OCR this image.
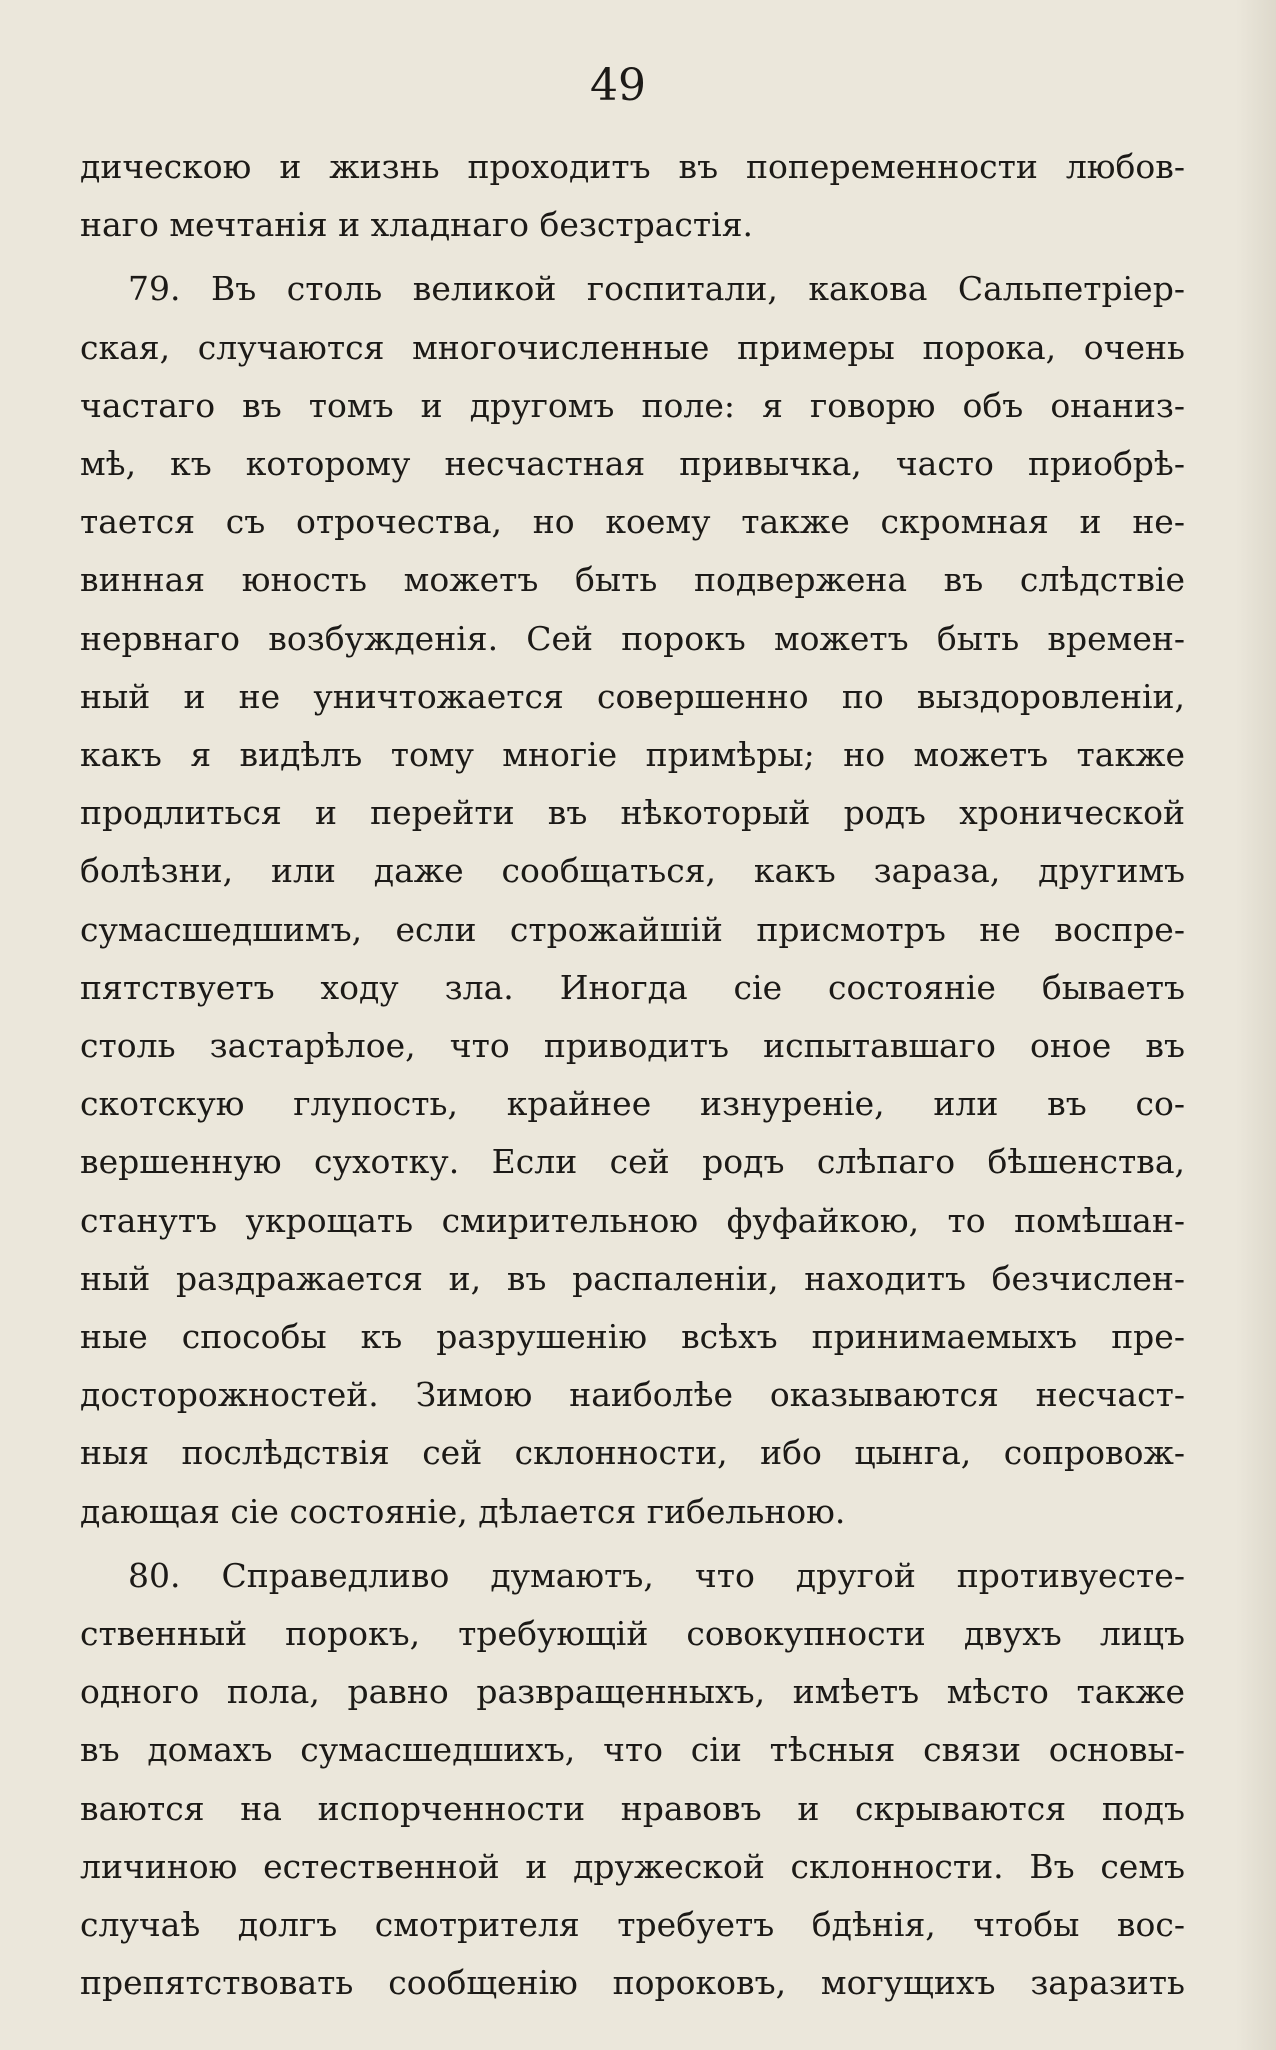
49
дическою и жизнь проходитъ въ попеременности любов-
наго мечтанія и хладнаго безстрастія.
79. Въ столь великой госпитали, какова Сальпетріер-
ская, случаются многочисленные примеры порока, очень
частаго въ томъ и другомъ поле: я говорю объ онаниз-
мѣ, къ которому несчастная привычка, часто приобрѣ-
тается съ отрочества, но коему также скромная и не-
винная юность можетъ быть подвержена въ слѣдствіе
нервнаго возбужденія. Сей порокъ можетъ быть времен-
ный и не уничтожается совершенно по выздоровленіи,
какъ я видѣлъ тому многіе примѣры; но можетъ также
продлиться и перейти въ нѣкоторый родъ хронической
болѣзни, или даже сообщаться, какъ зараза, другимъ
сумасшедшимъ, если строжайшій присмотръ не воспре-
пятствуетъ ходу зла. Иногда сіе состояніе бываетъ
столь застарѣлое, что приводитъ испытавшаго оное въ
скотскую глупость, крайнее изнуреніе, или въ со-
вершенную сухотку. Если сей родъ слѣпаго бѣшенства,
станутъ укрощать смирительною фуфайкою, то помѣшан-
ный раздражается и, въ распаленіи, находитъ безчислен-
ные способы къ разрушенію всѣхъ принимаемыхъ пре-
досторожностей. Зимою наиболѣе оказываются несчаст-
ныя послѣдствія сей склонности, ибо цынга, сопровож-
дающая сіе состояніе, дѣлается гибельною.
80. Справедливо думаютъ, что другой противуесте-
ственный порокъ, требующій совокупности двухъ лицъ
одного пола, равно развращенныхъ, имѣетъ мѣсто также
въ домахъ сумасшедшихъ, что сіи тѣсныя связи основы-
ваются на испорченности нравовъ и скрываются подъ
личиною естественной и дружеской склонности. Въ семъ
случаѣ долгъ смотрителя требуетъ бдѣнія, чтобы вос-
препятствовать сообщенію пороковъ, могущихъ заразить
